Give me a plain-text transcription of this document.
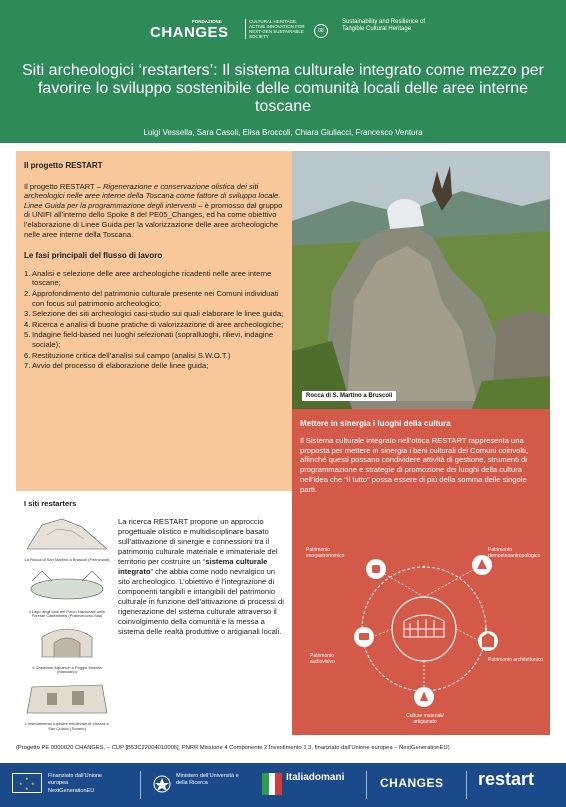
FONDAZIONE
CHANGES
CULTURAL HERITAGE, ACTIVE INNOVATION FOR NEXT-GEN SUSTAINABLE SOCIETY
08
Sustainability and Resilience of Tangible Cultural Heritage
Siti archeologici ‘restarters’: Il sistema culturale integrato come mezzo per favorire lo sviluppo sostenibile delle comunità locali delle aree interne toscane
Luigi Vessella, Sara Casoli, Elisa Broccoli, Chiara Giuliacci, Francesco Ventura
Il progetto RESTART

Il progetto RESTART – Rigenerazione e conservazione olistica dei siti archeologici nelle aree interne della Toscana come fattore di sviluppo locale. Linee Guida per la programmazione degli interventi – è promosso dal gruppo di UNIFI all’interno dello Spoke 8 del PE05_Changes, ed ha come obiettivo l’elaborazione di Linee Guida per la valorizzazione delle aree archeologiche nelle aree interne della Toscana.

Le fasi principali del flusso di lavoro
1. Analisi e selezione delle aree archeologiche ricadenti nelle aree interne toscane;
2. Approfondimento del patrimonio culturale presente nei Comuni individuati con focus sul patrimonio archeologico;
3. Selezione dei siti archeologici casi-studio sui quali elaborare le linee guida;
4. Ricerca e analisi di buone pratiche di valorizzazione di aree archeologiche;
5. Indagine field-based nei luoghi selezionati (sopralluoghi, rilievi, indagine sociale);
6. Restituzione critica dell’analisi sul campo (analisi S.W.O.T.)
7. Avvio del processo di elaborazione delle linee guida;
Rocca di S. Martino a Bruscoli
Mettere in sinergia i luoghi della cultura

Il Sistema culturale integrato nell’ottica RESTART rappresenta una proposta per mettere in sinergia i beni culturali dei Comuni coinvolti, affinché questi possano condividere attività di gestione, strumenti di programmazione e strategie di promozione dei luoghi della cultura nell’idea che “il tutto” possa essere di più della somma delle singole parti.

Patrimonio enogastronomico
Patrimonio demoetnoantropologico
Patrimonio audiovisivo	Patrimonio architettonico
Culture materiali/ artigianato
I siti restarters
La Rocca di San Martino a Bruscoli (Firenzuola)
Il Lago degli Idoli nel Parco Nazionale delle Foreste Casentinesi (Pratovecchio-Stia)
Il Castellum Aquarum a Poggio Murella (Manciano)
L’insediamento rupestre medievale di Vitozza a San Quirico (Sorano)

La ricerca RESTART propone un approccio progettuale olistico e multidisciplinare basato sull’attivazione di sinergie e connessioni tra il patrimonio culturale materiale e immateriale del territorio per costruire un “sistema culturale integrato” che abbia come nodo nevralgico un sito archeologico. L’obiettivo è l’integrazione di componenti tangibili e intangibili del patrimonio culturale in funzione dell’attivazione di processi di rigenerazione del sistema culturale attraverso il coinvolgimento della comunità e la messa a sistema delle realtà produttive o artigianali locali.

(Progetto PE 0000020 CHANGES, – CUP [B53C22004010006], PNRR Missione 4 Componente 2 Investimento 1.3, finanziato dall’Unione europea – NextGenerationEU)
★
★ ★
★
Finanziato dall’Unione europea
NextGenerationEU
Ministero dell’Università e della Ricerca	Italiadomani	CHANGES restart
